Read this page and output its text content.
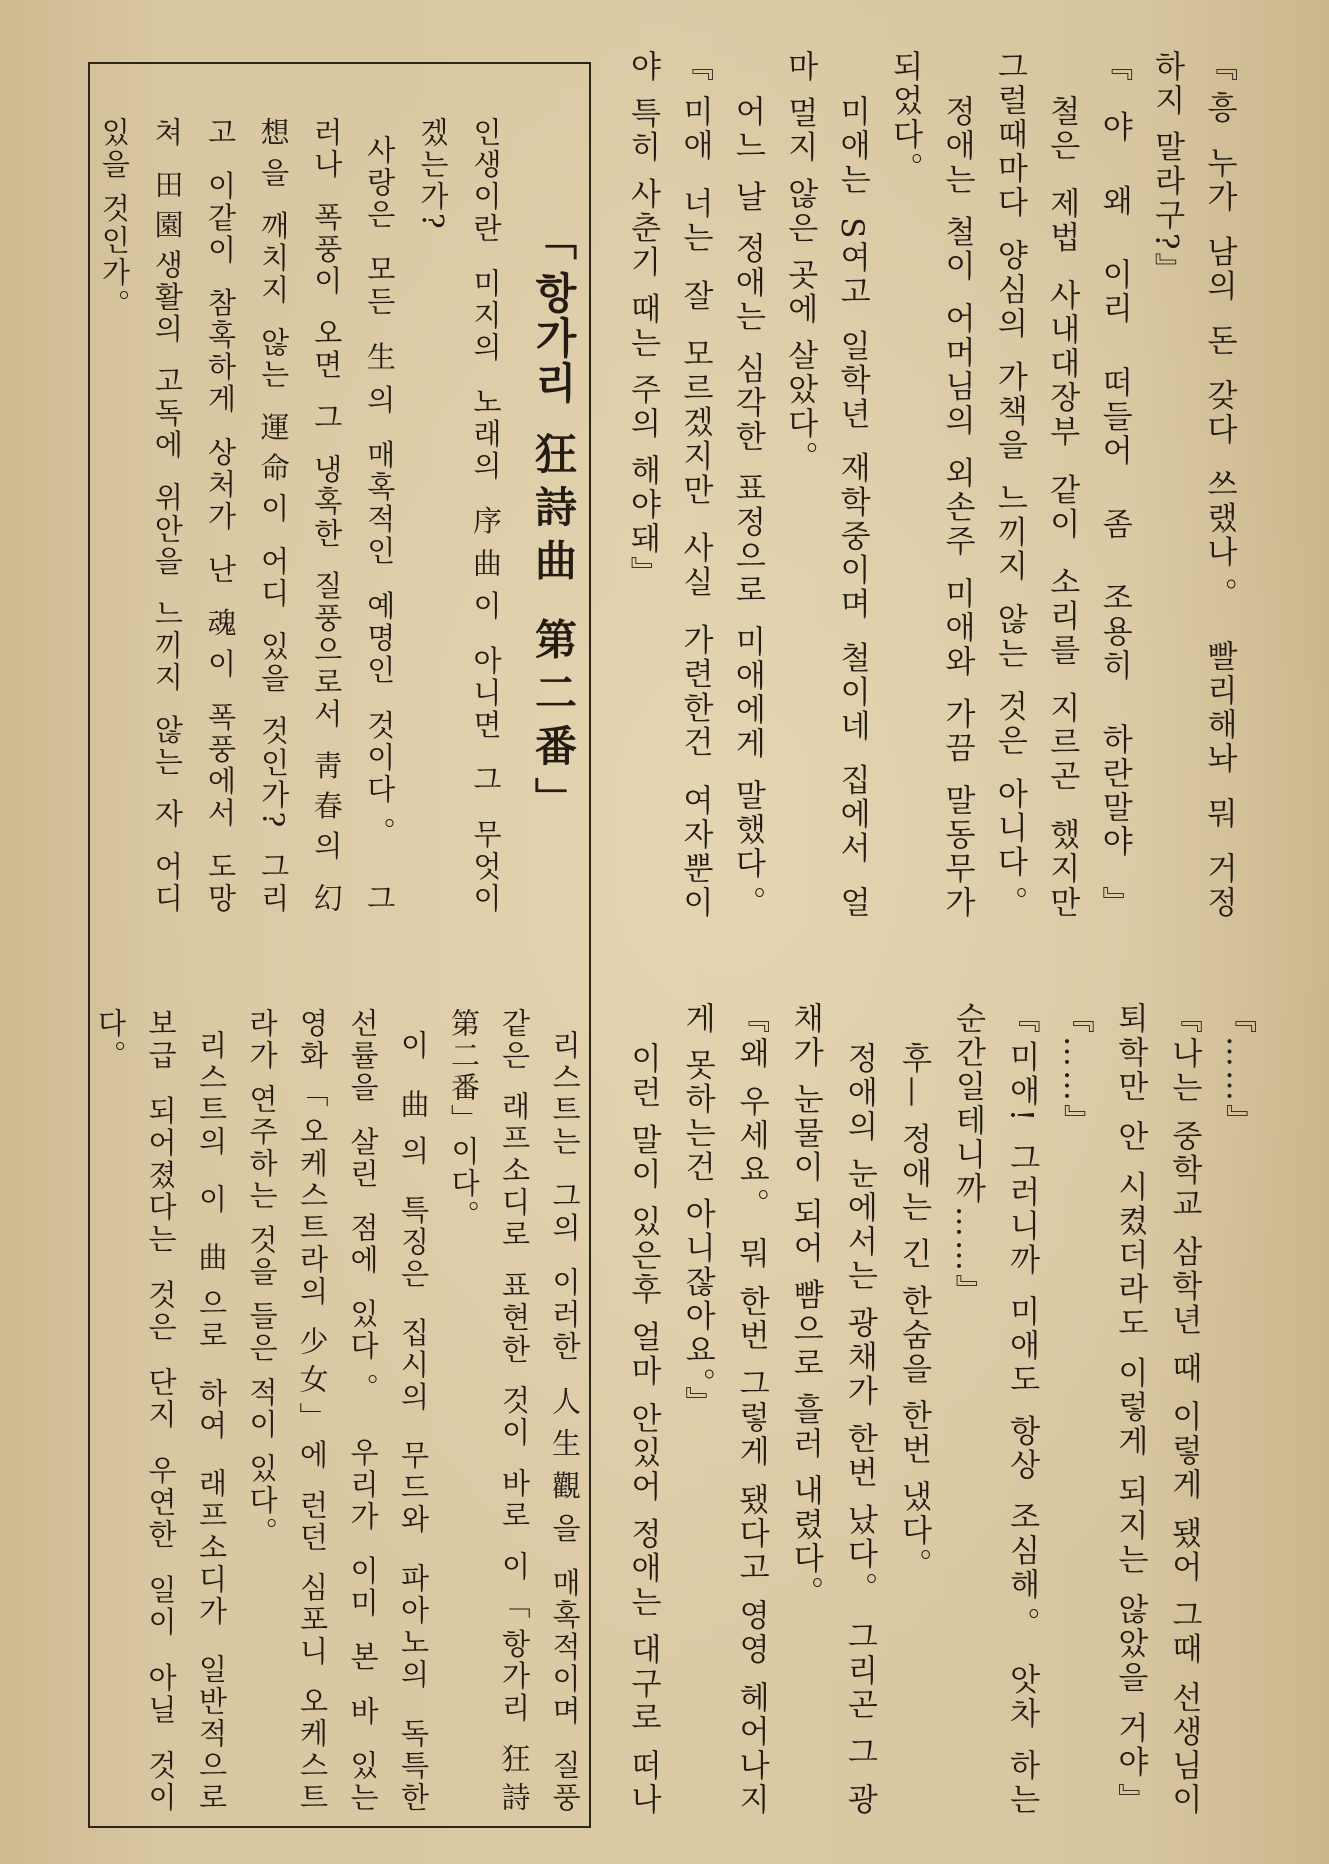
『흥 누가 남의 돈 갖다 쓰랬나。 빨리해놔 뭐 거정
하지 말라구?』
『야 왜 이리 떠들어 좀 조용히 하란말야』
철은 제법 사내대장부 같이 소리를 지르곤 했지만
그럴때마다 양심의 가책을 느끼지 않는 것은 아니다。
정애는 철이 어머님의 외손주 미애와 가끔 말동무가
되었다。
미애는 S여고 일학년 재학중이며 철이네 집에서 얼
마 멀지 않은 곳에 살았다。
어느 날 정애는 심각한 표정으로 미애에게 말했다。
『미애 너는 잘 모르겠지만 사실 가련한건 여자뿐이
야 특히 사춘기 때는 주의 해야돼』
「항가리 狂詩曲 第二番」
인생이란 미지의 노래의 序曲이 아니면 그 무엇이
겠는가?
사랑은 모든 生의 매혹적인 예명인 것이다。 그
러나 폭풍이 오면 그 냉혹한 질풍으로서 靑春의 幻
想을 깨치지 않는 運命이 어디 있을 것인가? 그리
고 이같이 참혹하게 상처가 난 魂이 폭풍에서 도망
쳐 田園생활의 고독에 위안을 느끼지 않는 자 어디
있을 것인가。
리스트는 그의 이러한 人生觀을 매혹적이며 질풍
같은 래프소디로 표현한 것이 바로 이「항가리 狂詩
第二番」이다。
이 曲의 특징은 집시의 무드와 파아노의 독특한
선률을 살린 점에 있다。 우리가 이미 본 바 있는
영화「오케스트라의 少女」에 런던 심포니 오케스트
라가 연주하는 것을 들은 적이 있다。
리스트의 이 曲으로 하여 래프소디가 일반적으로
보급 되어졌다는 것은 단지 우연한 일이 아닐 것이
다。	『……』
『나는 중학교 삼학년 때 이렇게 됐어 그때 선생님이
퇴학만 안 시켰더라도 이렇게 되지는 않았을 거야』
『……』
『미애! 그러니까 미애도 항상 조심해。 앗차 하는
순간일테니까……』
후— 정애는 긴 한숨을 한번 냈다。
정애의 눈에서는 광채가 한번 났다。 그리곤 그 광
채가 눈물이 되어 뺨으로 흘러 내렸다。
『왜 우세요。 뭐 한번 그렇게 됐다고 영영 헤어나지
게 못하는건 아니잖아요。』
이런 말이 있은후 얼마 안있어 정애는 대구로 떠나
